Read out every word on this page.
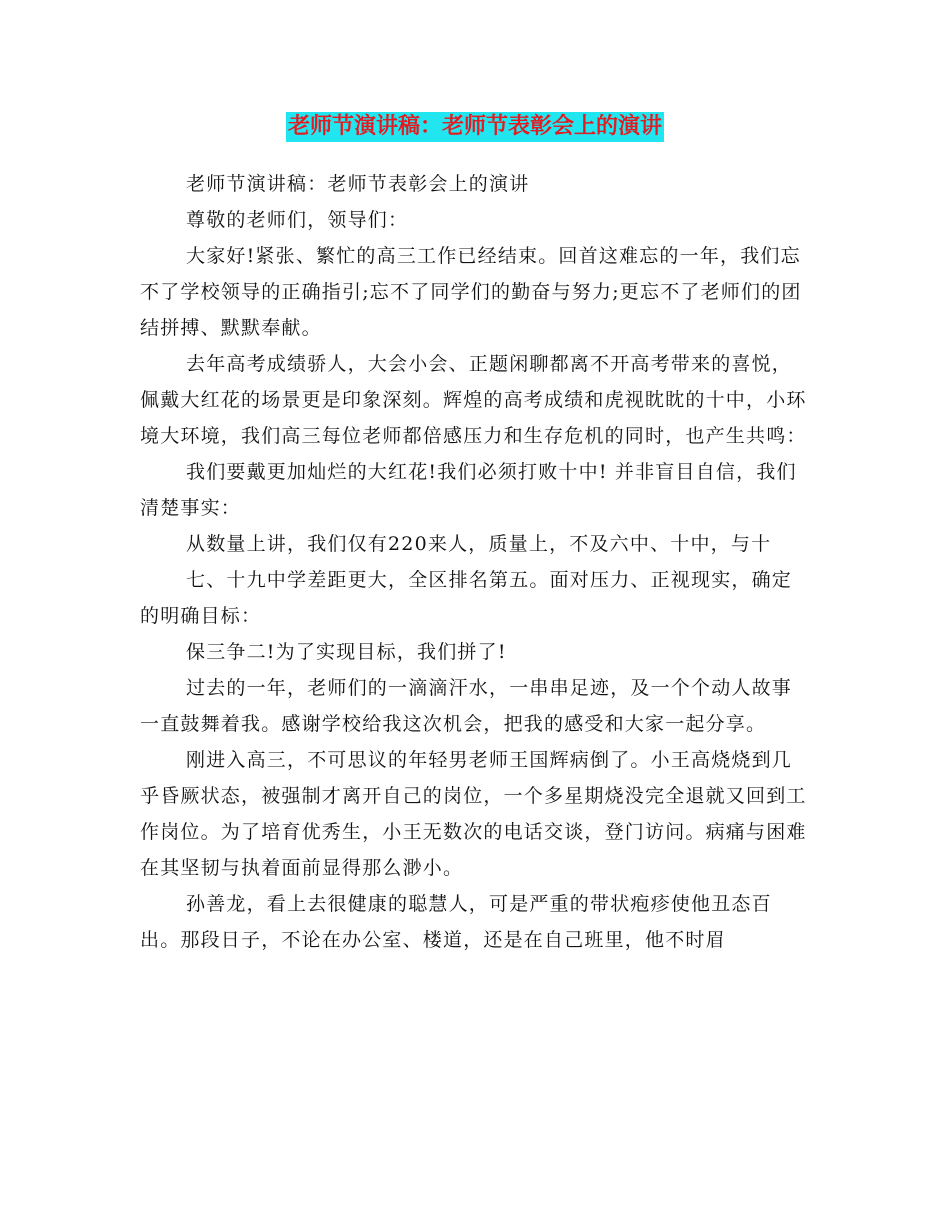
老师节演讲稿：老师节表彰会上的演讲

老师节演讲稿：老师节表彰会上的演讲

尊敬的老师们，领导们：

大家好!紧张、繁忙的高三工作已经结束。回首这难忘的一年，我们忘不了学校领导的正确指引;忘不了同学们的勤奋与努力;更忘不了老师们的团结拼搏、默默奉献。

去年高考成绩骄人，大会小会、正题闲聊都离不开高考带来的喜悦，佩戴大红花的场景更是印象深刻。辉煌的高考成绩和虎视眈眈的十中，小环境大环境，我们高三每位老师都倍感压力和生存危机的同时，也产生共鸣：

我们要戴更加灿烂的大红花!我们必须打败十中! 并非盲目自信，我们清楚事实：

从数量上讲，我们仅有220来人，质量上，不及六中、十中，与十

七、十九中学差距更大，全区排名第五。面对压力、正视现实，确定的明确目标：

保三争二!为了实现目标，我们拼了!

过去的一年，老师们的一滴滴汗水，一串串足迹，及一个个动人故事一直鼓舞着我。感谢学校给我这次机会，把我的感受和大家一起分享。

刚进入高三，不可思议的年轻男老师王国辉病倒了。小王高烧烧到几乎昏厥状态，被强制才离开自己的岗位，一个多星期烧没完全退就又回到工作岗位。为了培育优秀生，小王无数次的电话交谈，登门访问。病痛与困难在其坚韧与执着面前显得那么渺小。

孙善龙，看上去很健康的聪慧人，可是严重的带状疱疹使他丑态百出。那段日子，不论在办公室、楼道，还是在自己班里，他不时眉
